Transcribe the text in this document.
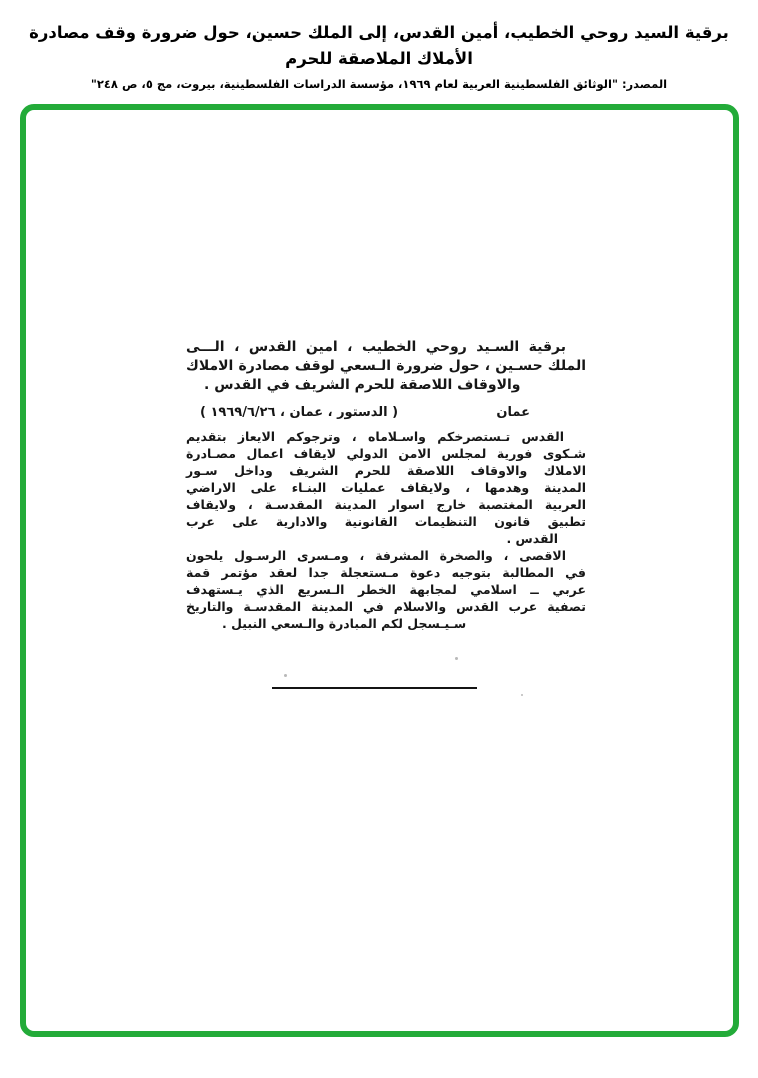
برقية السيد روحي الخطيب، أمين القدس، إلى الملك حسين، حول ضرورة وقف مصادرة الأملاك الملاصقة للحرم
المصدر: "الوثائق الفلسطينية العربية لعام ١٩٦٩، مؤسسة الدراسات الفلسطينية، بيروت، مج ٥، ص ٢٤٨"
برقية السـيد روحي الخطيب ، امين القدس ، الـــى
الملك حسـين ، حول ضرورة الـسعي لوقف مصادرة الاملاك
والاوقاف اللاصقة للحرم الشريف في القدس .
عمان
( الدستور ، عمان ، ١٩٦٩/٦/٢٦ )
القدس تـستصرخكم واسـلاماه ، وترجوكم الايعاز بتقديم
شـكوى فورية لمجلس الامن الدولي لايقاف اعمال مصـادرة
الاملاك والاوقاف اللاصقة للحرم الشريف وداخل سـور
المدينة وهدمها ، ولايقاف عمليات البنـاء على الاراضي
العربية المغتصبة خارج اسوار المدينة المقدسـة ، ولايقاف
تطبيق قانون التنظيمات القانونية والادارية على عرب
القدس .
الاقصى ، والصخرة المشرفة ، ومـسرى الرسـول يلحون
في المطالبة بتوجيه دعوة مـستعجلة جدا لعقد مؤتمر قمة
عربي ــ اسلامي لمجابهة الخطر الـسريع الذي يـستهدف
تصفية عرب القدس والاسلام في المدينة المقدسـة والتاريخ
سـيـسجل لكم المبادرة والـسعي النبيل .
